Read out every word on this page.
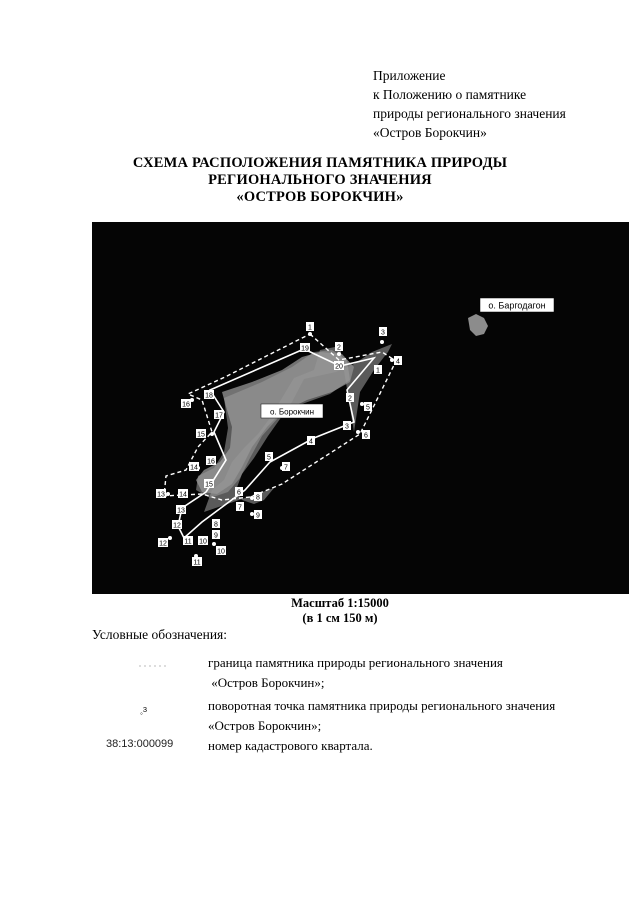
Приложение
к Положению о памятнике
природы регионального значения
«Остров Борокчин»
СХЕМА РАСПОЛОЖЕНИЯ ПАМЯТНИКА ПРИРОДЫ
РЕГИОНАЛЬНОГО ЗНАЧЕНИЯ
«ОСТРОВ БОРОКЧИН»
1
2
3
4
5
6
7
8
9
10
11
12
13
14
15
16
1
2
3
4
5
6
7
8
9
10
11
12
13
14
15
16
17
18
19
20
о. Борокчин
о. Баргодагон
Масштаб 1:15000
(в 1 см 150 м)
Условные обозначения:
граница памятника природы регионального значения
«Остров Борокчин»;
◦$^3$	поворотная точка памятника природы регионального значения
«Остров Борокчин»;
38:13:000099	номер кадастрового квартала.
